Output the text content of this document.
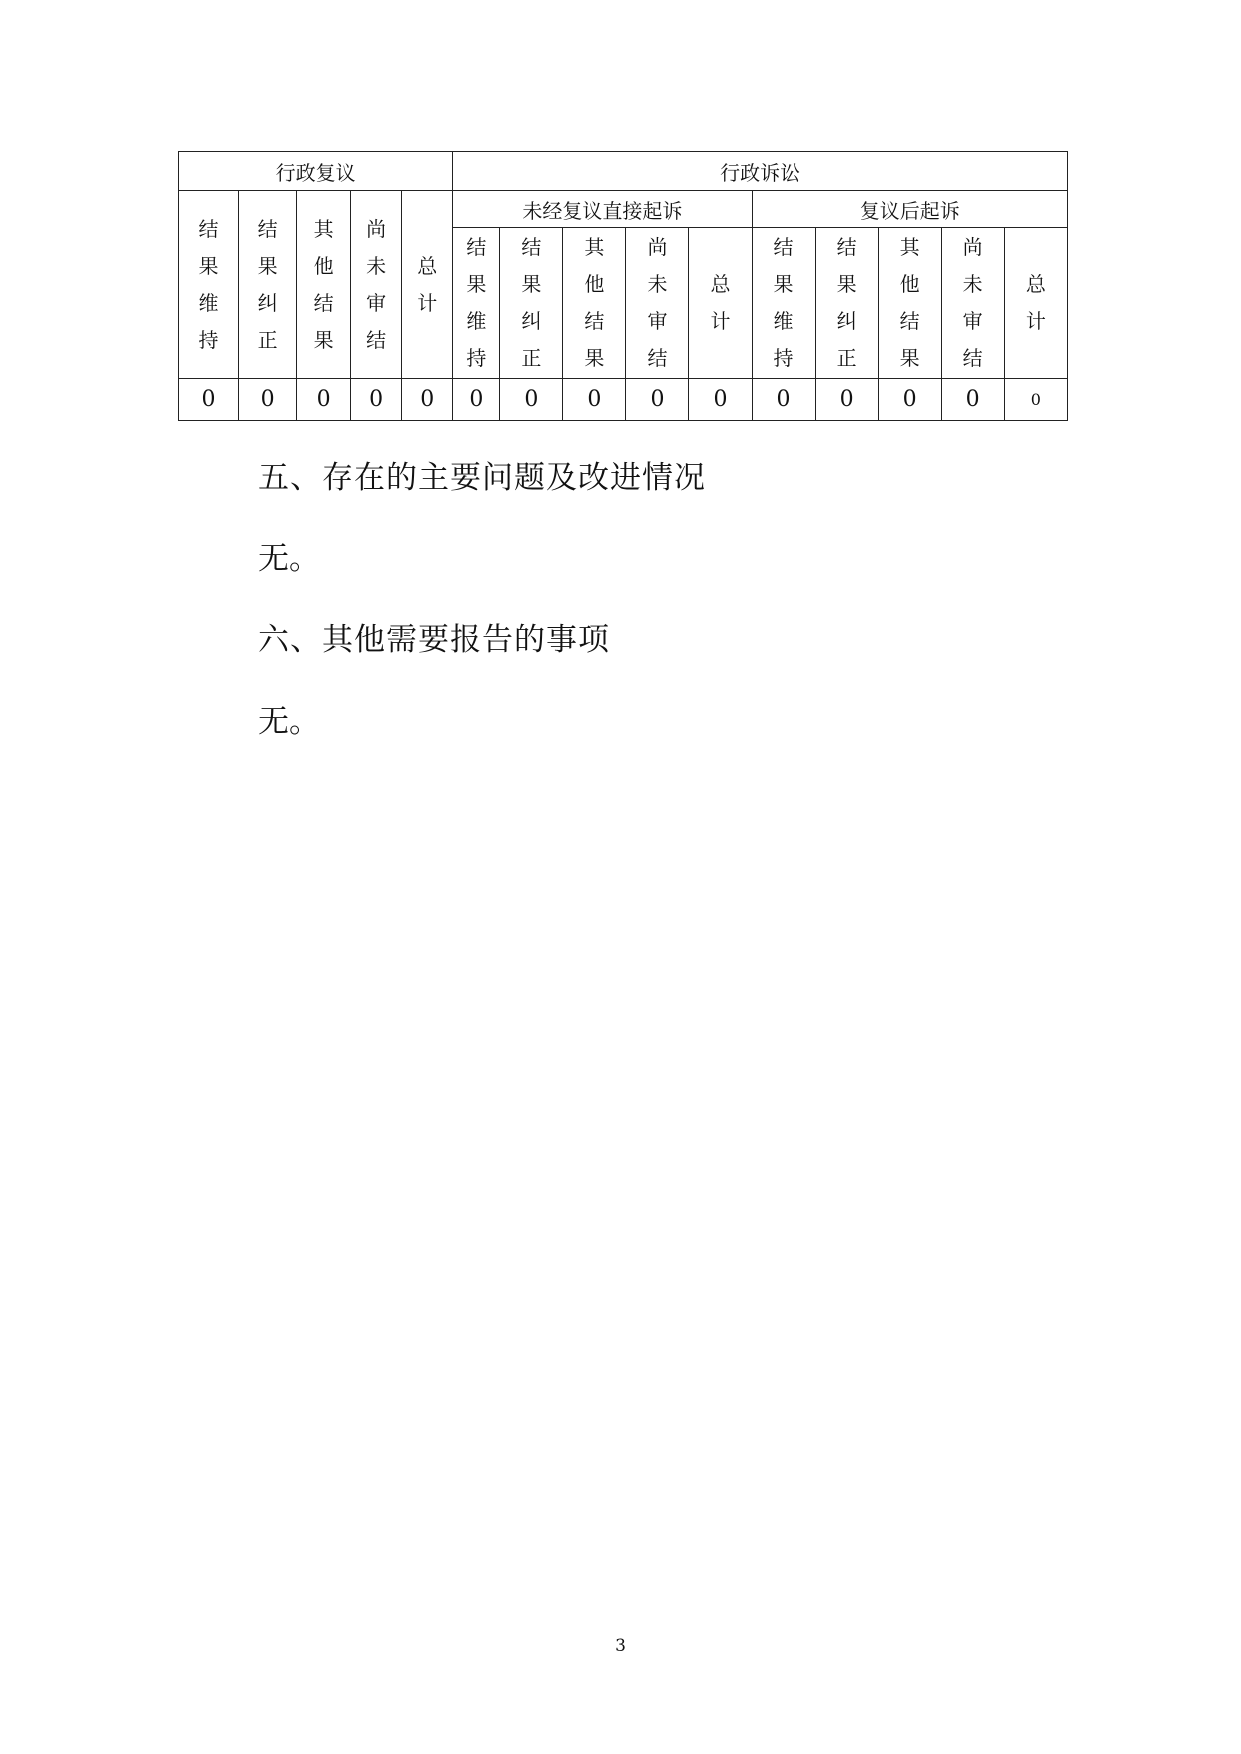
行政复议					行政诉讼									
结果维持	结果纠正	其他结果	尚未审结	总计	未经复议直接起诉					复议后起诉				
					结果维持	结果纠正	其他结果	尚未审结	总计	结果维持	结果纠正	其他结果	尚未审结	总计
0	0	0	0	0	0	0	0	0	0	0	0	0	0	0
五、存在的主要问题及改进情况

无。

六、其他需要报告的事项

无。

3
